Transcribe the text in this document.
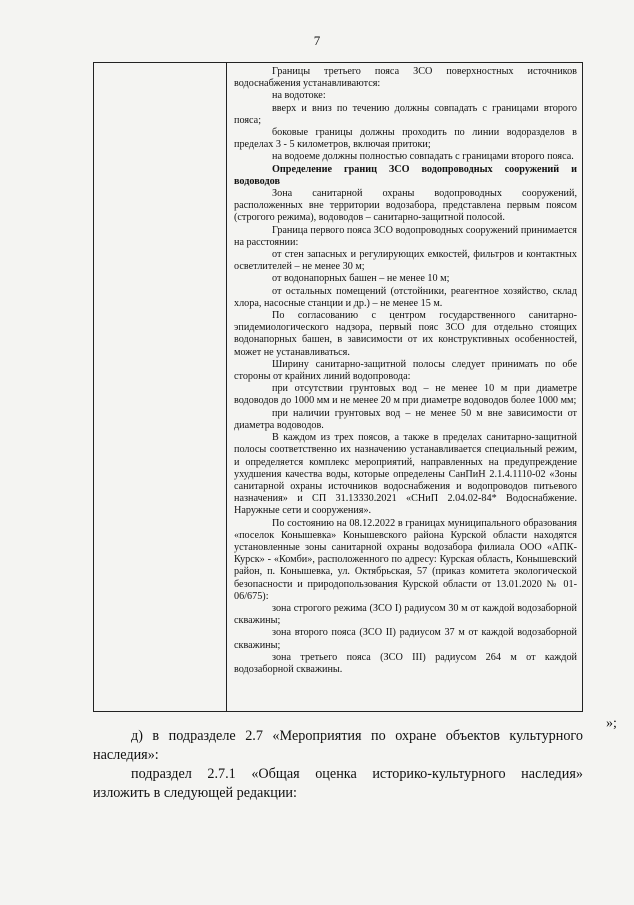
7

Границы третьего пояса ЗСО поверхностных источников водоснабжения устанавливаются:

на водотоке:

вверх и вниз по течению должны совпадать с границами второго пояса;

боковые границы должны проходить по линии водоразделов в пределах 3 - 5 километров, включая притоки;

на водоеме должны полностью совпадать с границами второго пояса.

Определение границ ЗСО водопроводных сооружений и водоводов

Зона санитарной охраны водопроводных сооружений, расположенных вне территории водозабора, представлена первым поясом (строгого режима), водоводов – санитарно-защитной полосой.

Граница первого пояса ЗСО водопроводных сооружений принимается на расстоянии:

от стен запасных и регулирующих емкостей, фильтров и контактных осветлителей – не менее 30 м;

от водонапорных башен – не менее 10 м;

от остальных помещений (отстойники, реагентное хозяйство, склад хлора, насосные станции и др.) – не менее 15 м.

По согласованию с центром государственного санитарно-эпидемиологического надзора, первый пояс ЗСО для отдельно стоящих водонапорных башен, в зависимости от их конструктивных особенностей, может не устанавливаться.

Ширину санитарно-защитной полосы следует принимать по обе стороны от крайних линий водопровода:

при отсутствии грунтовых вод – не менее 10 м при диаметре водоводов до 1000 мм и не менее 20 м при диаметре водоводов более 1000 мм;

при наличии грунтовых вод – не менее 50 м вне зависимости от диаметра водоводов.

В каждом из трех поясов, а также в пределах санитарно-защитной полосы соответственно их назначению устанавливается специальный режим, и определяется комплекс мероприятий, направленных на предупреждение ухудшения качества воды, которые определены СанПиН 2.1.4.1110-02 «Зоны санитарной охраны источников водоснабжения и водопроводов питьевого назначения» и СП 31.13330.2021 «СНиП 2.04.02-84* Водоснабжение. Наружные сети и сооружения».

По состоянию на 08.12.2022 в границах муниципального образования «поселок Конышевка» Конышевского района Курской области находятся установленные зоны санитарной охраны водозабора филиала ООО «АПК-Курск» - «Комби», расположенного по адресу: Курская область, Конышевский район, п. Конышевка, ул. Октябрьская, 57 (приказ комитета экологической безопасности и природопользования Курской области от 13.01.2020 № 01-06/675):

зона строгого режима (ЗСО I) радиусом 30 м от каждой водозаборной скважины;

зона второго пояса (ЗСО II) радиусом 37 м от каждой водозаборной скважины;

зона третьего пояса (ЗСО III) радиусом 264 м от каждой водозаборной скважины.

»;

д) в подразделе 2.7 «Мероприятия по охране объектов культурного наследия»:

подраздел 2.7.1 «Общая оценка историко-культурного наследия» изложить в следующей редакции:
